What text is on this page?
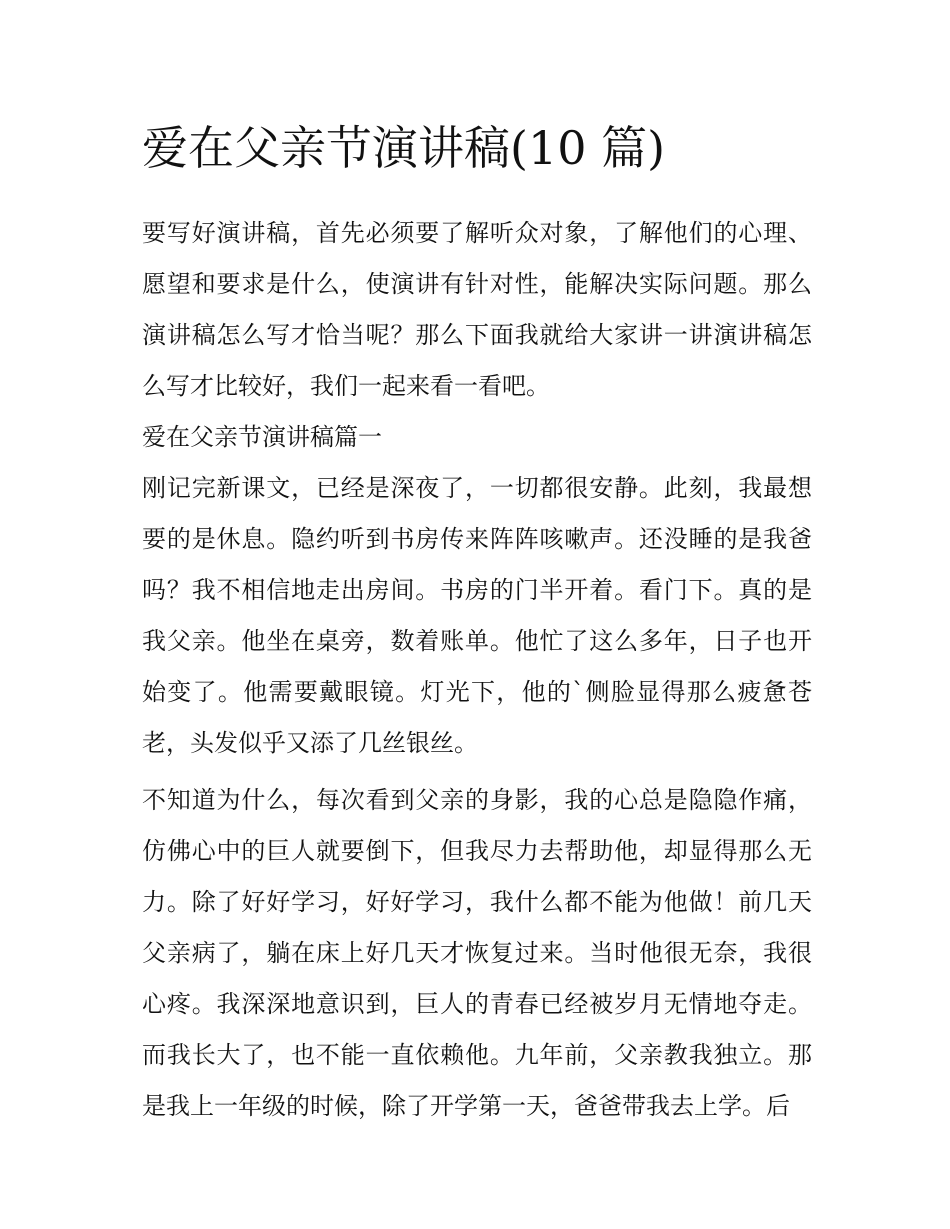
爱在父亲节演讲稿(10 篇)

要写好演讲稿，首先必须要了解听众对象，了解他们的心理、愿望和要求是什么，使演讲有针对性，能解决实际问题。那么演讲稿怎么写才恰当呢？那么下面我就给大家讲一讲演讲稿怎么写才比较好，我们一起来看一看吧。

爱在父亲节演讲稿篇一

刚记完新课文，已经是深夜了，一切都很安静。此刻，我最想要的是休息。隐约听到书房传来阵阵咳嗽声。还没睡的是我爸吗？我不相信地走出房间。书房的门半开着。看门下。真的是我父亲。他坐在桌旁，数着账单。他忙了这么多年，日子也开始变了。他需要戴眼镜。灯光下，他的`侧脸显得那么疲惫苍老，头发似乎又添了几丝银丝。

不知道为什么，每次看到父亲的身影，我的心总是隐隐作痛，仿佛心中的巨人就要倒下，但我尽力去帮助他，却显得那么无力。除了好好学习，好好学习，我什么都不能为他做！前几天父亲病了，躺在床上好几天才恢复过来。当时他很无奈，我很心疼。我深深地意识到，巨人的青春已经被岁月无情地夺走。而我长大了，也不能一直依赖他。九年前，父亲教我独立。那是我上一年级的时候，除了开学第一天，爸爸带我去上学。后
